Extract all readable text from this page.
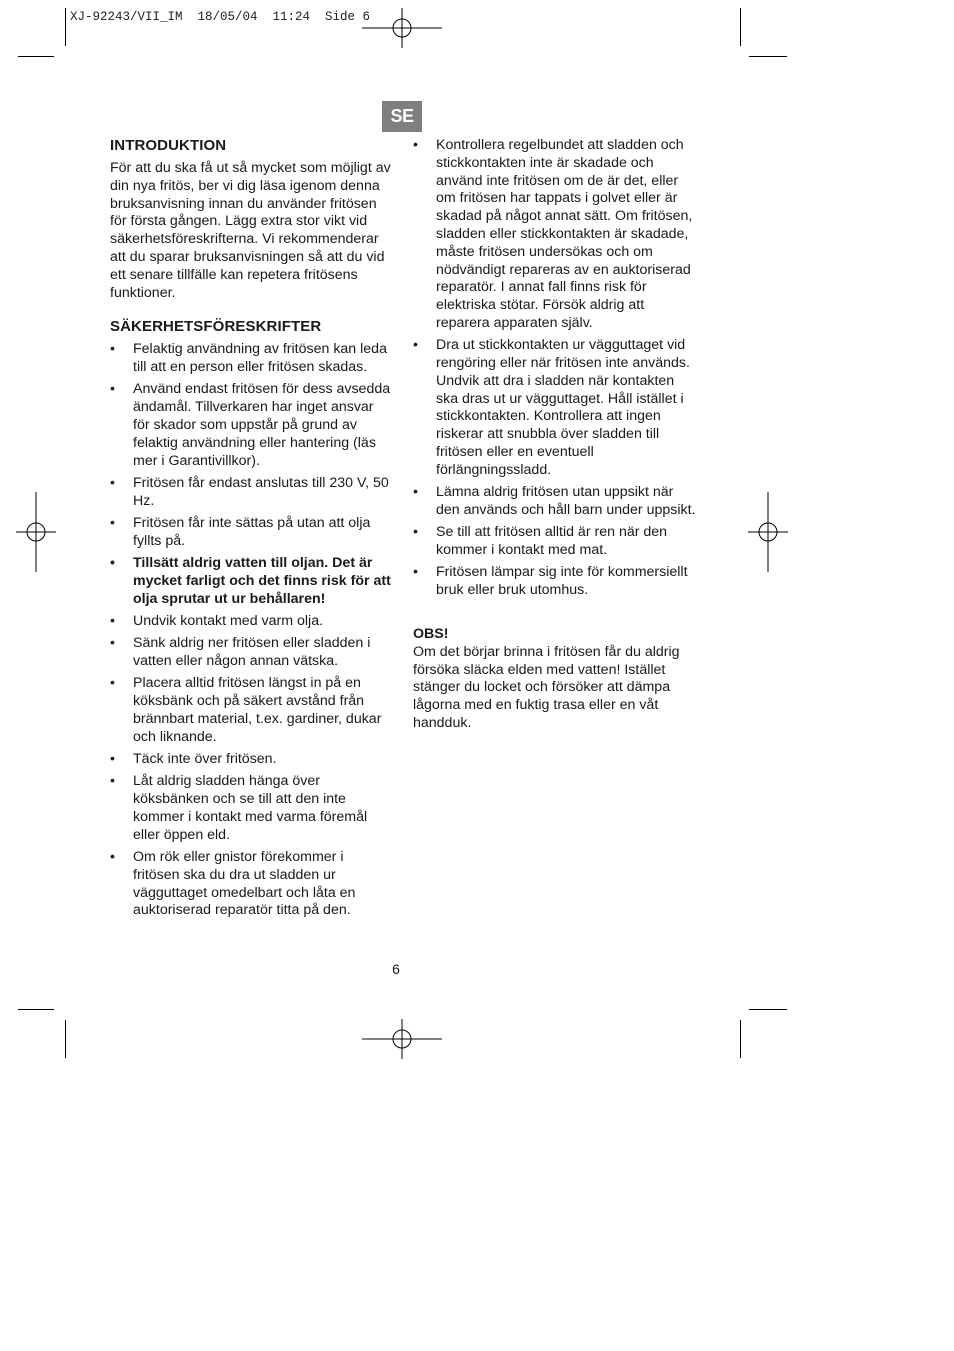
XJ-92243/VII_IM  18/05/04  11:24  Side 6
SE
INTRODUKTION

För att du ska få ut så mycket som möjligt av din nya fritös, ber vi dig läsa igenom denna bruksanvisning innan du använder fritösen för första gången. Lägg extra stor vikt vid säkerhetsföreskrifterna. Vi rekommenderar att du sparar bruksanvisningen så att du vid ett senare tillfälle kan repetera fritösens funktioner.

SÄKERHETSFÖRESKRIFTER
• Felaktig användning av fritösen kan leda till att en person eller fritösen skadas.
• Använd endast fritösen för dess avsedda ändamål. Tillverkaren har inget ansvar för skador som uppstår på grund av felaktig användning eller hantering (läs mer i Garantivillkor).
• Fritösen får endast anslutas till 230 V, 50 Hz.
• Fritösen får inte sättas på utan att olja fyllts på.
• Tillsätt aldrig vatten till oljan. Det är mycket farligt och det finns risk för att olja sprutar ut ur behållaren!
• Undvik kontakt med varm olja.
• Sänk aldrig ner fritösen eller sladden i vatten eller någon annan vätska.
• Placera alltid fritösen längst in på en köksbänk och på säkert avstånd från brännbart material, t.ex. gardiner, dukar och liknande.
• Täck inte över fritösen.
• Låt aldrig sladden hänga över köksbänken och se till att den inte kommer i kontakt med varma föremål eller öppen eld.
• Om rök eller gnistor förekommer i fritösen ska du dra ut sladden ur vägguttaget omedelbart och låta en auktoriserad reparatör titta på den.
• Kontrollera regelbundet att sladden och stickkontakten inte är skadade och använd inte fritösen om de är det, eller om fritösen har tappats i golvet eller är skadad på något annat sätt. Om fritösen, sladden eller stickkontakten är skadade, måste fritösen undersökas och om nödvändigt repareras av en auktoriserad reparatör. I annat fall finns risk för elektriska stötar. Försök aldrig att reparera apparaten själv.
• Dra ut stickkontakten ur vägguttaget vid rengöring eller när fritösen inte används. Undvik att dra i sladden när kontakten ska dras ut ur vägguttaget. Håll istället i stickkontakten. Kontrollera att ingen riskerar att snubbla över sladden till fritösen eller en eventuell förlängningssladd.
• Lämna aldrig fritösen utan uppsikt när den används och håll barn under uppsikt.
• Se till att fritösen alltid är ren när den kommer i kontakt med mat.
• Fritösen lämpar sig inte för kommersiellt bruk eller bruk utomhus.

OBS!

Om det börjar brinna i fritösen får du aldrig försöka släcka elden med vatten! Istället stänger du locket och försöker att dämpa lågorna med en fuktig trasa eller en våt handduk.

6
